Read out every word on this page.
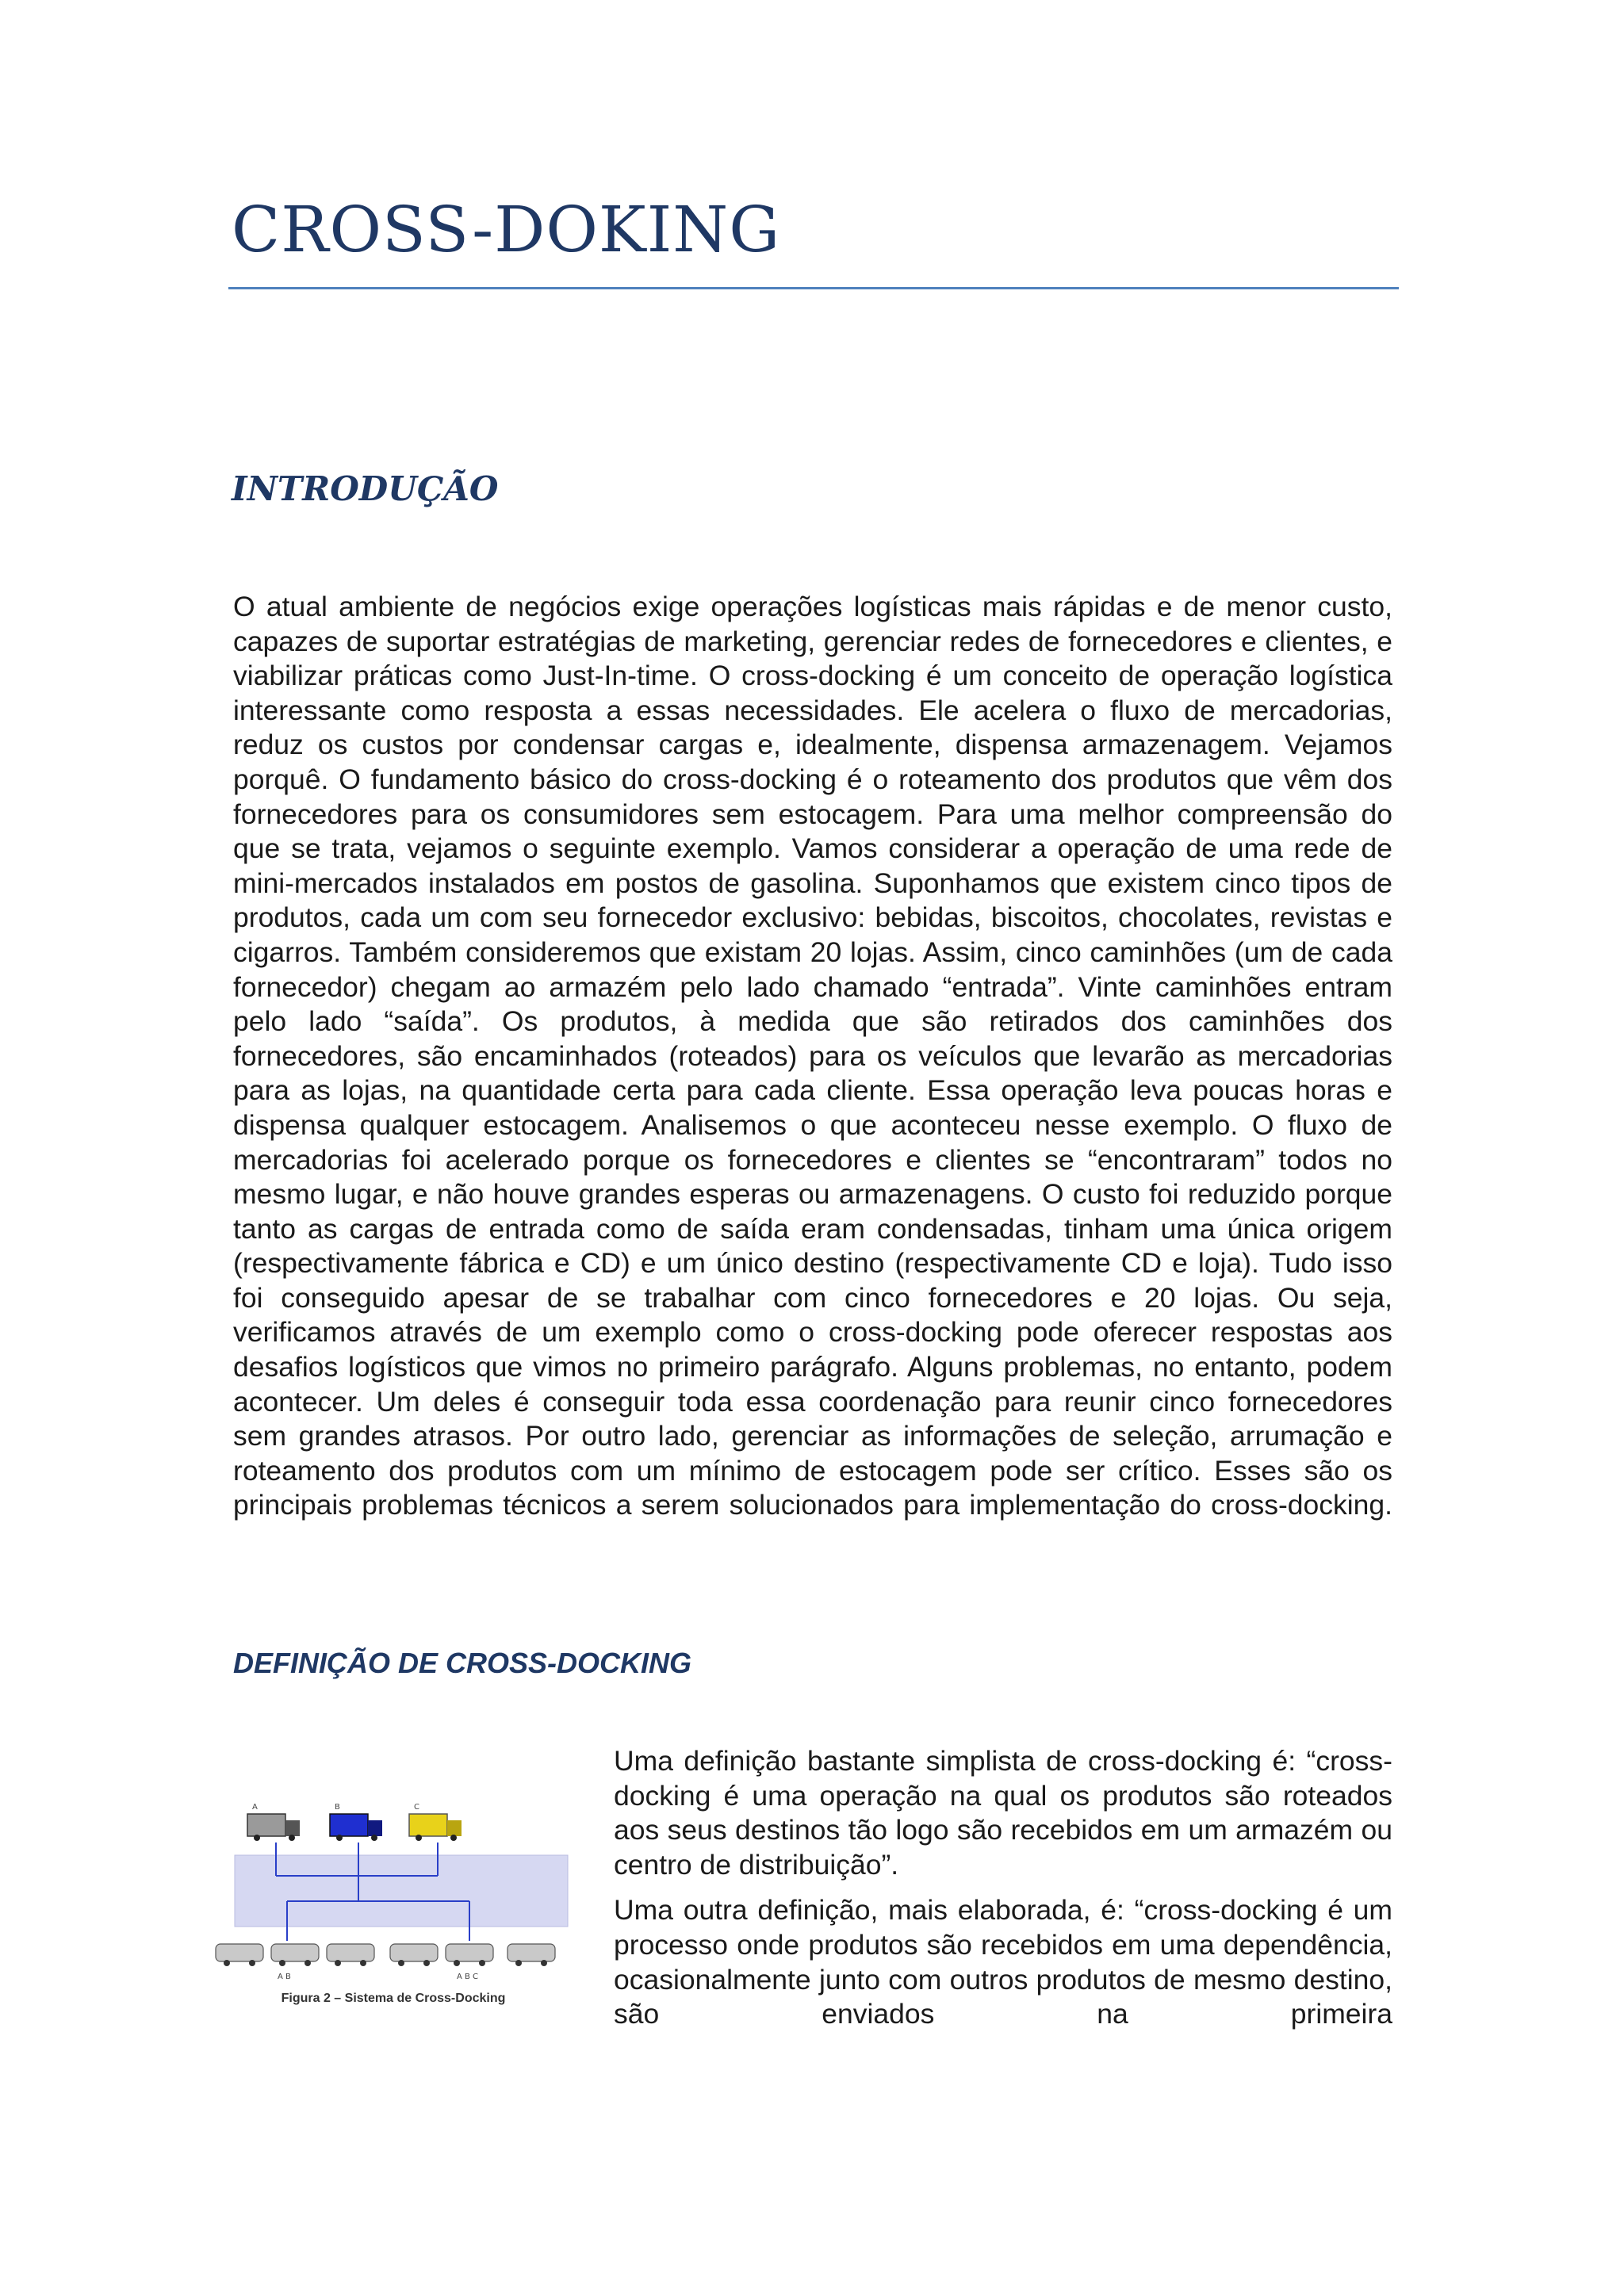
CROSS-DOKING
INTRODUÇÃO

O atual ambiente de negócios exige operações logísticas mais rápidas e de menor custo, capazes de suportar estratégias de marketing, gerenciar redes de fornecedores e clientes, e viabilizar práticas como Just-In-time. O cross-docking é um conceito de operação logística interessante como resposta a essas necessidades. Ele acelera o fluxo de mercadorias, reduz os custos por condensar cargas e, idealmente, dispensa armazenagem. Vejamos porquê. O fundamento básico do cross-docking é o roteamento dos produtos que vêm dos fornecedores para os consumidores sem estocagem. Para uma melhor compreensão do que se trata, vejamos o seguinte exemplo. Vamos considerar a operação de uma rede de mini-mercados instalados em postos de gasolina. Suponhamos que existem cinco tipos de produtos, cada um com seu fornecedor exclusivo: bebidas, biscoitos, chocolates, revistas e cigarros. Também consideremos que existam 20 lojas. Assim, cinco caminhões (um de cada fornecedor) chegam ao armazém pelo lado chamado “entrada”. Vinte caminhões entram pelo lado “saída”. Os produtos, à medida que são retirados dos caminhões dos fornecedores, são encaminhados (roteados) para os veículos que levarão as mercadorias para as lojas, na quantidade certa para cada cliente. Essa operação leva poucas horas e dispensa qualquer estocagem. Analisemos o que aconteceu nesse exemplo. O fluxo de mercadorias foi acelerado porque os fornecedores e clientes se “encontraram” todos no mesmo lugar, e não houve grandes esperas ou armazenagens. O custo foi reduzido porque tanto as cargas de entrada como de saída eram condensadas, tinham uma única origem (respectivamente fábrica e CD) e um único destino (respectivamente CD e loja). Tudo isso foi conseguido apesar de se trabalhar com cinco fornecedores e 20 lojas. Ou seja, verificamos através de um exemplo como o cross-docking pode oferecer respostas aos desafios logísticos que vimos no primeiro parágrafo. Alguns problemas, no entanto, podem acontecer. Um deles é conseguir toda essa coordenação para reunir cinco fornecedores sem grandes atrasos. Por outro lado, gerenciar as informações de seleção, arrumação e roteamento dos produtos com um mínimo de estocagem pode ser crítico. Esses são os principais problemas técnicos a serem solucionados para implementação do cross-docking.

DEFINIÇÃO DE CROSS-DOCKING
A	B	C
A B	A B C
Figura 2 – Sistema de Cross-Docking

Uma definição bastante simplista de cross-docking é: “cross-docking é uma operação na qual os produtos são roteados aos seus destinos tão logo são recebidos em um armazém ou centro de distribuição”.

Uma outra definição, mais elaborada, é: “cross-docking é um processo onde produtos são recebidos em uma dependência, ocasionalmente junto com outros produtos de mesmo destino, são enviados na primeira
